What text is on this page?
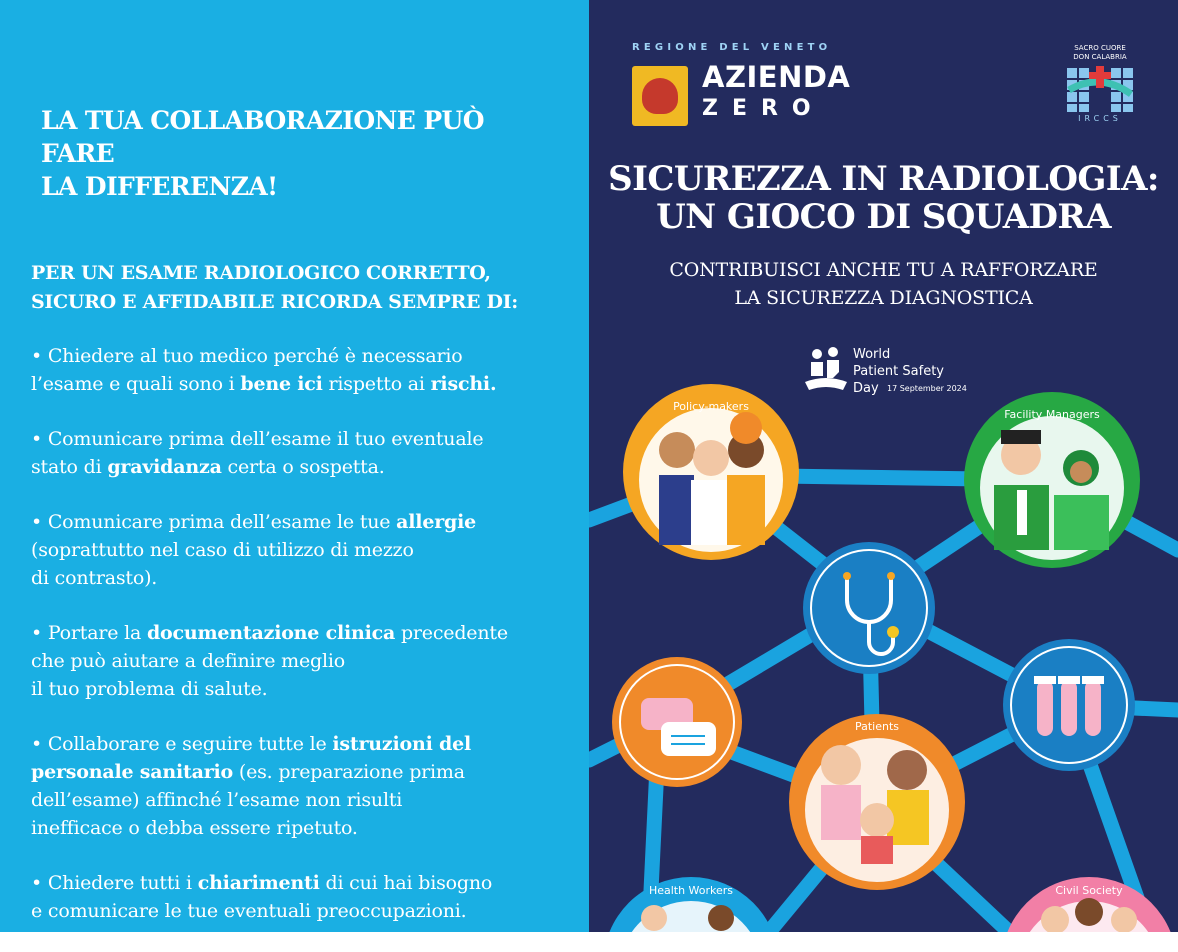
LA TUA COLLABORAZIONE PUÒ FARE
LA DIFFERENZA!
PER UN ESAME RADIOLOGICO CORRETTO,
SICURO E AFFIDABILE RICORDA SEMPRE DI:
• Chiedere al tuo medico perché è necessario
l’esame e quali sono i bene ici rispetto ai rischi.
• Comunicare prima dell’esame il tuo eventuale
stato di gravidanza certa o sospetta.
• Comunicare prima dell’esame le tue allergie
(soprattutto nel caso di utilizzo di mezzo
di contrasto).
• Portare la documentazione clinica precedente
che può aiutare a definire meglio
il tuo problema di salute.
• Collaborare e seguire tutte le istruzioni del
personale sanitario (es. preparazione prima
dell’esame) affinché l’esame non risulti
inefficace o debba essere ripetuto.
• Chiedere tutti i chiarimenti di cui hai bisogno
e comunicare le tue eventuali preoccupazioni.
REGIONE DEL VENETO
AZIENDA
ZERO
SACRO CUORE
DON CALABRIA
IRCCS
SICUREZZA IN RADIOLOGIA:
UN GIOCO DI SQUADRA
CONTRIBUISCI ANCHE TU A RAFFORZARE
LA SICUREZZA DIAGNOSTICA
World
Patient Safety
Day 17 September 2024
Policy-makers
Facility Managers
Patients
Health Workers	Civil Society
